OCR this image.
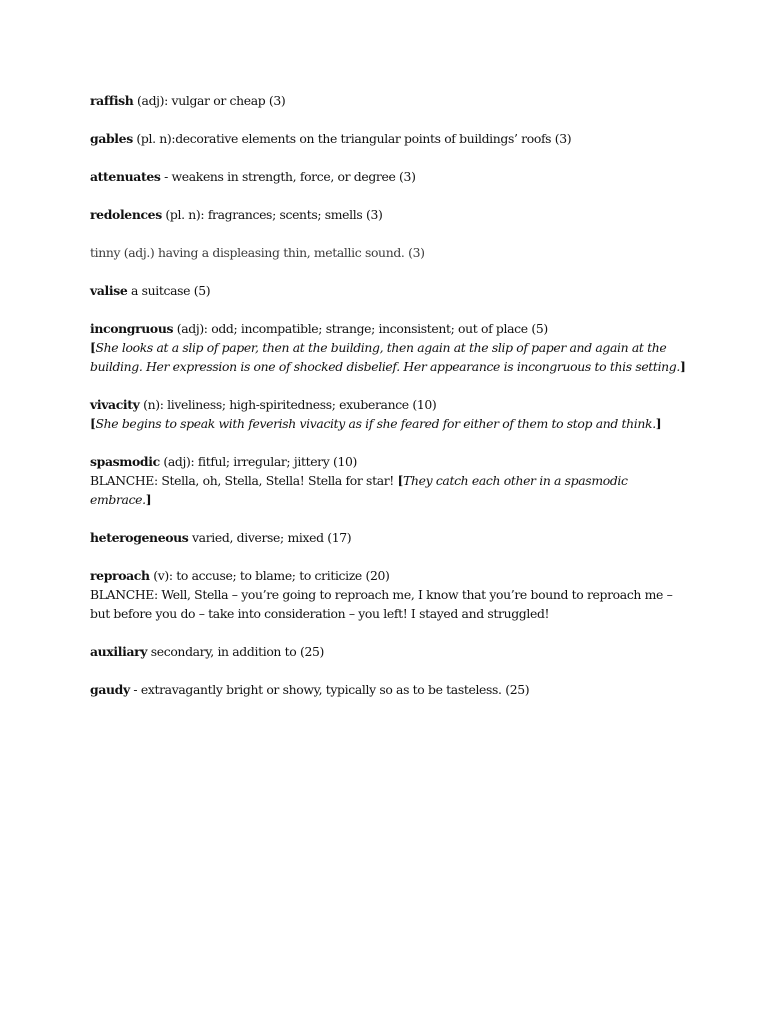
raffish (adj): vulgar or cheap (3)

gables (pl. n):decorative elements on the triangular points of buildings’ roofs (3)

attenuates - weakens in strength, force, or degree (3)

redolences (pl. n): fragrances; scents; smells (3)

tinny (adj.) having a displeasing thin, metallic sound. (3)

valise a suitcase (5)

incongruous (adj): odd; incompatible; strange; inconsistent; out of place (5)

[She looks at a slip of paper, then at the building, then again at the slip of paper and again at the building. Her expression is one of shocked disbelief. Her appearance is incongruous to this setting.]

vivacity (n): liveliness; high-spiritedness; exuberance (10)

[She begins to speak with feverish vivacity as if she feared for either of them to stop and think.]

spasmodic (adj): fitful; irregular; jittery (10)

BLANCHE: Stella, oh, Stella, Stella! Stella for star! [They catch each other in a spasmodic embrace.]

heterogeneous varied, diverse; mixed (17)

reproach (v): to accuse; to blame; to criticize (20)

BLANCHE: Well, Stella – you’re going to reproach me, I know that you’re bound to reproach me – but before you do – take into consideration – you left! I stayed and struggled!

auxiliary secondary, in addition to (25)

gaudy - extravagantly bright or showy, typically so as to be tasteless. (25)
